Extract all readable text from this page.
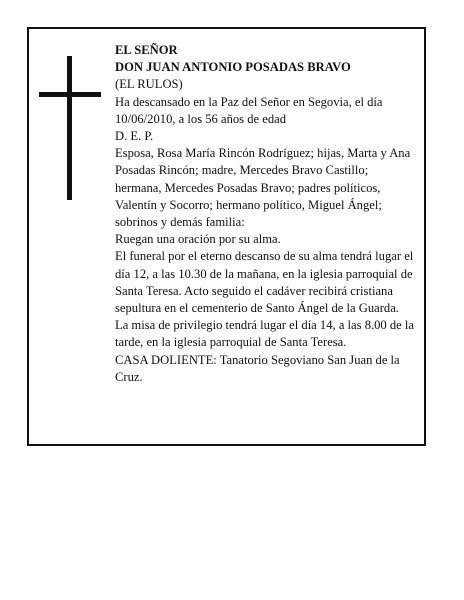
EL SEÑOR

DON JUAN ANTONIO POSADAS BRAVO

(EL RULOS)

Ha descansado en la Paz del Señor en Segovia, el día 10/06/2010, a los 56 años de edad

D. E. P.

Esposa, Rosa María Rincón Rodríguez; hijas, Marta y Ana Posadas Rincón; madre, Mercedes Bravo Castillo; hermana, Mercedes Posadas Bravo; padres políticos, Valentín y Socorro; hermano político, Miguel Ángel; sobrinos y demás familia:

Ruegan una oración por su alma.

El funeral por el eterno descanso de su alma tendrá lugar el día 12, a las 10.30 de la mañana, en la iglesia parroquial de Santa Teresa. Acto seguido el cadáver recibirá cristiana sepultura en el cementerio de Santo Ángel de la Guarda.

La misa de privilegio tendrá lugar el día 14, a las 8.00 de la tarde, en la iglesia parroquial de Santa Teresa.

CASA DOLIENTE: Tanatorio Segoviano San Juan de la Cruz.
